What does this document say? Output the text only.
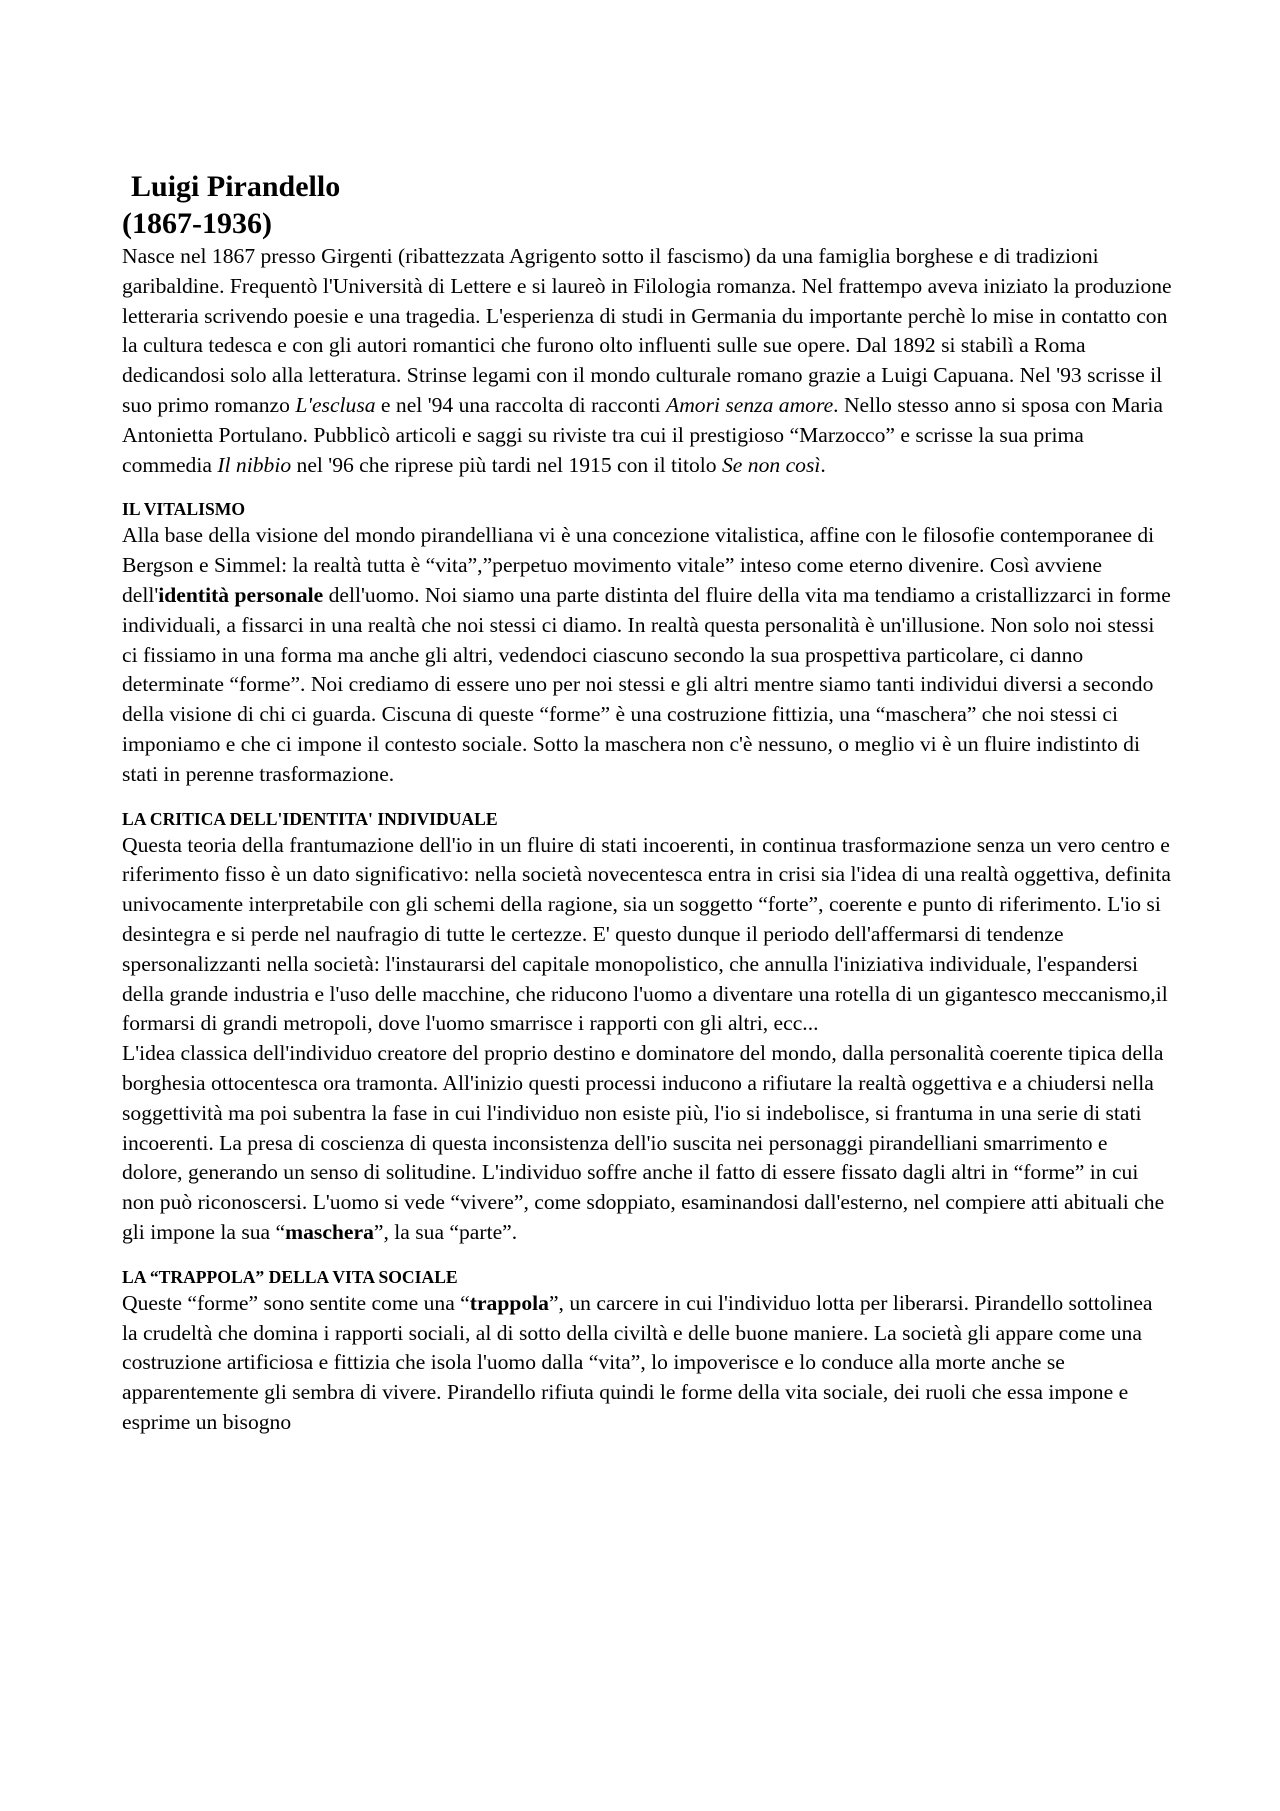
Luigi Pirandello
(1867-1936)

Nasce nel 1867 presso Girgenti (ribattezzata Agrigento sotto il fascismo) da una famiglia borghese e di tradizioni garibaldine. Frequentò l'Università di Lettere e si laureò in Filologia romanza. Nel frattempo aveva iniziato la produzione letteraria scrivendo poesie e una tragedia. L'esperienza di studi in Germania du importante perchè lo mise in contatto con la cultura tedesca e con gli autori romantici che furono olto influenti sulle sue opere. Dal 1892 si stabilì a Roma dedicandosi solo alla letteratura. Strinse legami con il mondo culturale romano grazie a Luigi Capuana. Nel '93 scrisse il suo primo romanzo L'esclusa e nel '94 una raccolta di racconti Amori senza amore. Nello stesso anno si sposa con Maria Antonietta Portulano. Pubblicò articoli e saggi su riviste tra cui il prestigioso “Marzocco” e scrisse la sua prima commedia Il nibbio nel '96 che riprese più tardi nel 1915 con il titolo Se non così.

IL VITALISMO

Alla base della visione del mondo pirandelliana vi è una concezione vitalistica, affine con le filosofie contemporanee di Bergson e Simmel: la realtà tutta è “vita”,”perpetuo movimento vitale” inteso come eterno divenire. Così avviene dell'identità personale dell'uomo. Noi siamo una parte distinta del fluire della vita ma tendiamo a cristallizzarci in forme individuali, a fissarci in una realtà che noi stessi ci diamo. In realtà questa personalità è un'illusione. Non solo noi stessi ci fissiamo in una forma ma anche gli altri, vedendoci ciascuno secondo la sua prospettiva particolare, ci danno determinate “forme”. Noi crediamo di essere uno per noi stessi e gli altri mentre siamo tanti individui diversi a secondo della visione di chi ci guarda. Ciscuna di queste “forme” è una costruzione fittizia, una “maschera” che noi stessi ci imponiamo e che ci impone il contesto sociale. Sotto la maschera non c'è nessuno, o meglio vi è un fluire indistinto di stati in perenne trasformazione.

LA CRITICA DELL'IDENTITA' INDIVIDUALE

Questa teoria della frantumazione dell'io in un fluire di stati incoerenti, in continua trasformazione senza un vero centro e riferimento fisso è un dato significativo: nella società novecentesca entra in crisi sia l'idea di una realtà oggettiva, definita univocamente interpretabile con gli schemi della ragione, sia un soggetto “forte”, coerente e punto di riferimento. L'io si desintegra e si perde nel naufragio di tutte le certezze. E' questo dunque il periodo dell'affermarsi di tendenze spersonalizzanti nella società: l'instaurarsi del capitale monopolistico, che annulla l'iniziativa individuale, l'espandersi della grande industria e l'uso delle macchine, che riducono l'uomo a diventare una rotella di un gigantesco meccanismo,il formarsi di grandi metropoli, dove l'uomo smarrisce i rapporti con gli altri, ecc...

L'idea classica dell'individuo creatore del proprio destino e dominatore del mondo, dalla personalità coerente tipica della borghesia ottocentesca ora tramonta. All'inizio questi processi inducono a rifiutare la realtà oggettiva e a chiudersi nella soggettività ma poi subentra la fase in cui l'individuo non esiste più, l'io si indebolisce, si frantuma in una serie di stati incoerenti. La presa di coscienza di questa inconsistenza dell'io suscita nei personaggi pirandelliani smarrimento e dolore, generando un senso di solitudine. L'individuo soffre anche il fatto di essere fissato dagli altri in “forme” in cui non può riconoscersi. L'uomo si vede “vivere”, come sdoppiato, esaminandosi dall'esterno, nel compiere atti abituali che gli impone la sua “maschera”, la sua “parte”.

LA “TRAPPOLA” DELLA VITA SOCIALE

Queste “forme” sono sentite come una “trappola”, un carcere in cui l'individuo lotta per liberarsi. Pirandello sottolinea la crudeltà che domina i rapporti sociali, al di sotto della civiltà e delle buone maniere. La società gli appare come una costruzione artificiosa e fittizia che isola l'uomo dalla “vita”, lo impoverisce e lo conduce alla morte anche se apparentemente gli sembra di vivere. Pirandello rifiuta quindi le forme della vita sociale, dei ruoli che essa impone e esprime un bisogno
